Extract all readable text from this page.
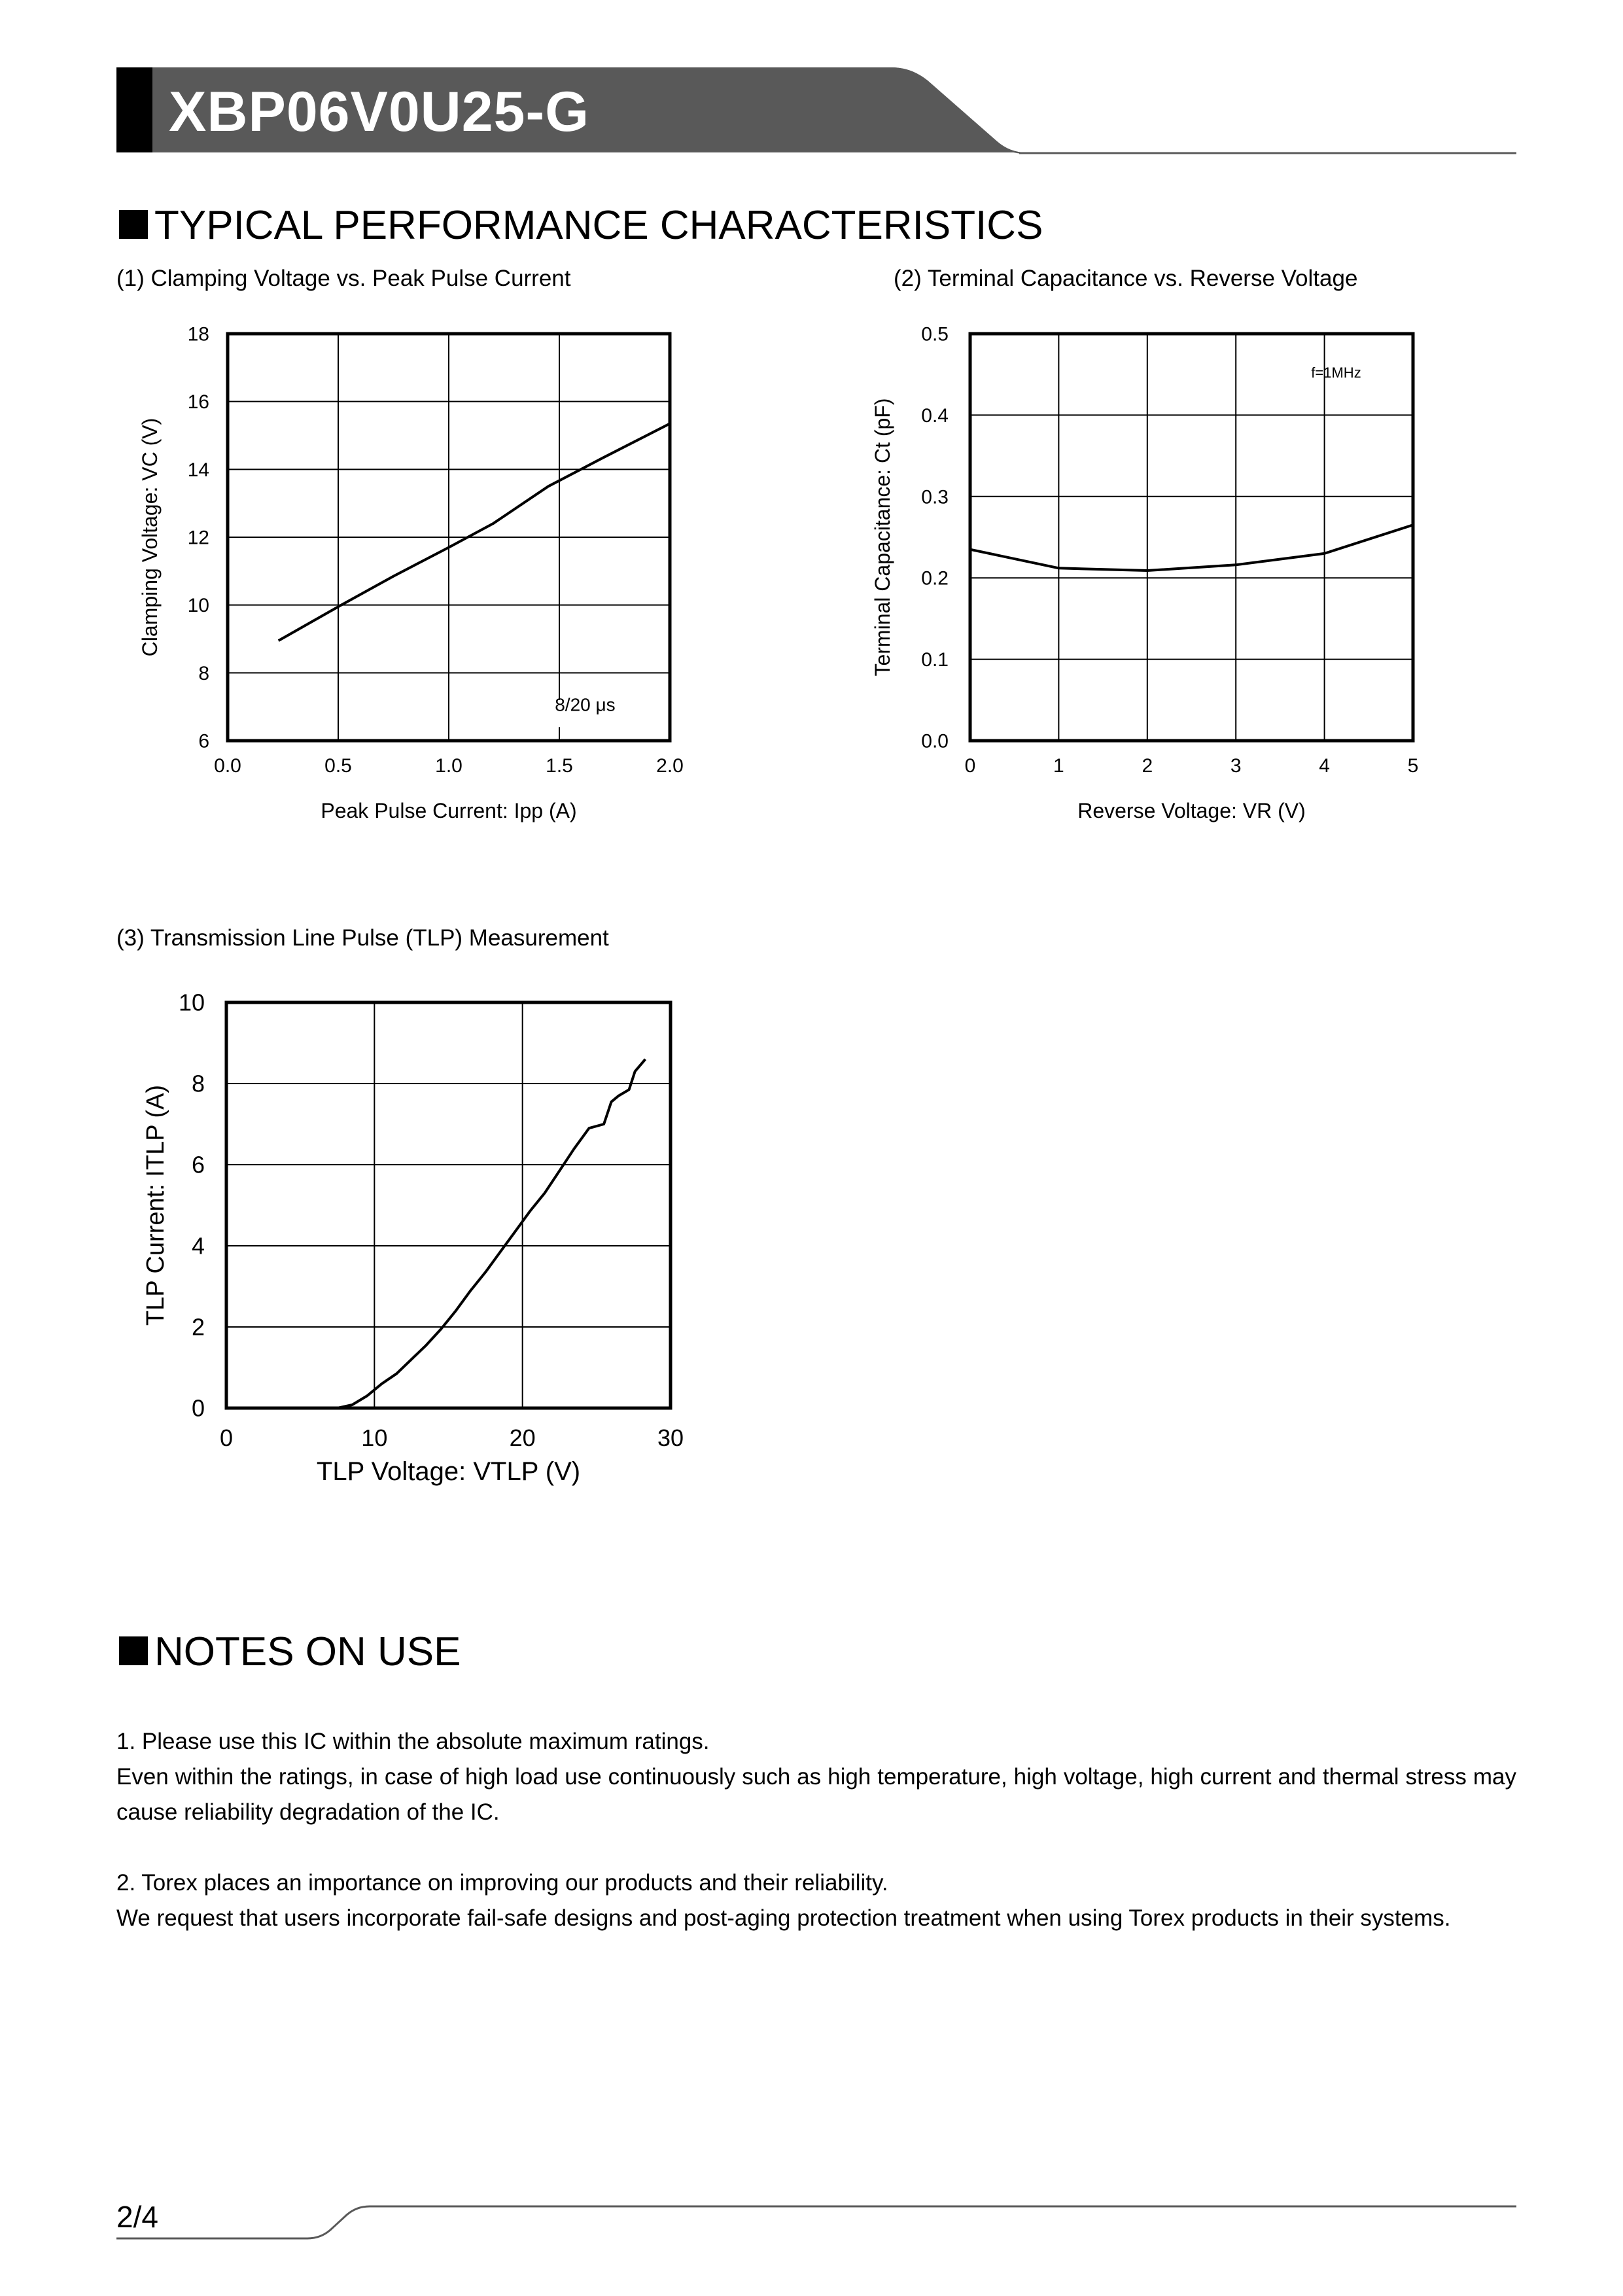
XBP06V0U25-G
TYPICAL PERFORMANCE CHARACTERISTICS
(1) Clamping Voltage vs. Peak Pulse Current	(2) Terminal Capacitance vs. Reverse Voltage
(3) Transmission Line Pulse (TLP) Measurement
0.0	0.5	1.0	1.5	2.0
6
8
10
12
14
16
18
Peak Pulse Current: Ipp (A)
Clamping Voltage: VC (V)
8/20 μs
0	1	2	3	4	5
0.0
0.1
0.2
0.3
0.4
0.5
Reverse Voltage: VR (V)
Terminal Capacitance: Ct (pF)
f=1MHz
0	10	20	30
0
2
4
6
8
10
TLP Voltage: VTLP (V)
TLP Current: ITLP (A)
NOTES ON USE

1. Please use this IC within the absolute maximum ratings.

Even within the ratings, in case of high load use continuously such as high temperature, high voltage, high current and thermal stress may cause reliability degradation of the IC.

2. Torex places an importance on improving our products and their reliability.

We request that users incorporate fail-safe designs and post-aging protection treatment when using Torex products in their systems.

2/4
